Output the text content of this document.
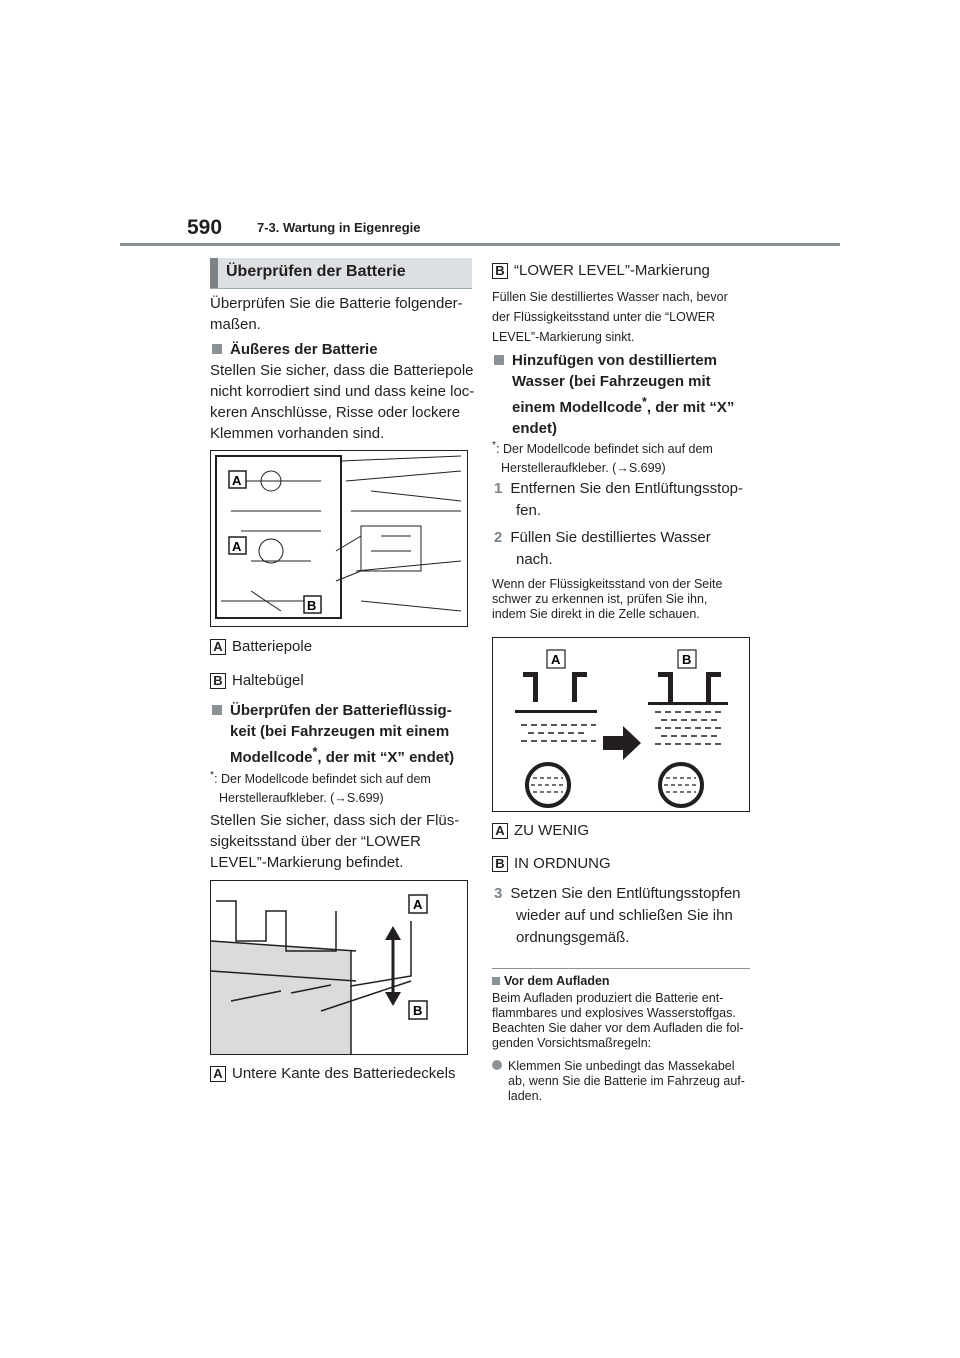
590	7-3. Wartung in Eigenregie
Überprüfen der Batterie
Überprüfen Sie die Batterie folgender-
maßen.
Äußeres der Batterie
Stellen Sie sicher, dass die Batteriepole
nicht korrodiert sind und dass keine loc-
keren Anschlüsse, Risse oder lockere
Klemmen vorhanden sind.
A
A
B
A Batteriepole
B Haltebügel
Überprüfen der Batterieflüssig-
keit (bei Fahrzeugen mit einem
Modellcode*, der mit “X” endet)
*: Der Modellcode befindet sich auf dem
Herstelleraufkleber. (→S.699)
Stellen Sie sicher, dass sich der Flüs-
sigkeitsstand über der “LOWER
LEVEL”-Markierung befindet.
A
B
A Untere Kante des Batteriedeckels
B “LOWER LEVEL”-Markierung
Füllen Sie destilliertes Wasser nach, bevor
der Flüssigkeitsstand unter die “LOWER
LEVEL”-Markierung sinkt.
Hinzufügen von destilliertem
Wasser (bei Fahrzeugen mit
einem Modellcode*, der mit “X”
endet)
*: Der Modellcode befindet sich auf dem
Herstelleraufkleber. (→S.699)
1 Entfernen Sie den Entlüftungsstop-
fen.
2 Füllen Sie destilliertes Wasser
nach.
Wenn der Flüssigkeitsstand von der Seite
schwer zu erkennen ist, prüfen Sie ihn,
indem Sie direkt in die Zelle schauen.
A	B
A ZU WENIG
B IN ORDNUNG
3 Setzen Sie den Entlüftungsstopfen
wieder auf und schließen Sie ihn
ordnungsgemäß.
Vor dem Aufladen
Beim Aufladen produziert die Batterie ent-
flammbares und explosives Wasserstoffgas.
Beachten Sie daher vor dem Aufladen die fol-
genden Vorsichtsmaßregeln:
Klemmen Sie unbedingt das Massekabel
ab, wenn Sie die Batterie im Fahrzeug auf-
laden.
